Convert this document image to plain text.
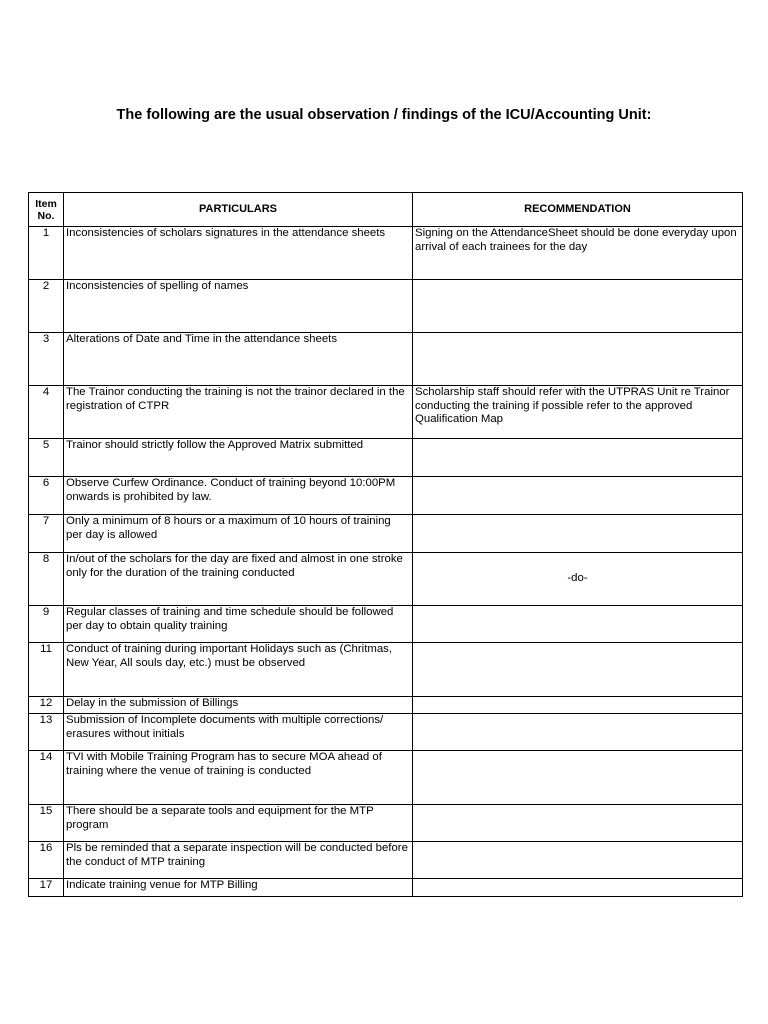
The following are the usual observation / findings of the ICU/Accounting Unit:
Item
No.	PARTICULARS	RECOMMENDATION
1	Inconsistencies of scholars signatures in the attendance sheets	Signing on the AttendanceSheet should be done everyday upon arrival of each trainees for the day
2	Inconsistencies of spelling of names	
3	Alterations of Date and Time in the attendance sheets	
4	The Trainor conducting the training is not the trainor declared in the registration of CTPR	Scholarship staff should refer with the UTPRAS Unit re Trainor conducting the training if possible refer to the approved Qualification Map
5	Trainor should strictly follow the Approved Matrix submitted	
6	Observe Curfew Ordinance. Conduct of training beyond 10:00PM onwards is prohibited by law.	
7	Only a minimum of 8 hours or a maximum of 10 hours of training per day is allowed	
8	In/out of the scholars for the day are fixed and almost in one stroke only for the duration of the training conducted	-do-
9	Regular classes of training and time schedule should be followed per day to obtain quality training	
11	Conduct of training during important Holidays such as (Chritmas, New Year, All souls day, etc.) must be observed	
12	Delay in the submission of Billings	
13	Submission of Incomplete documents with multiple corrections/ erasures without initials	
14	TVI with Mobile Training Program has to secure MOA ahead of training where the venue of training is conducted	
15	There should be a separate tools and equipment for the MTP program	
16	Pls be reminded that a separate inspection will be conducted before the conduct of MTP training	
17	Indicate training venue for MTP Billing	
